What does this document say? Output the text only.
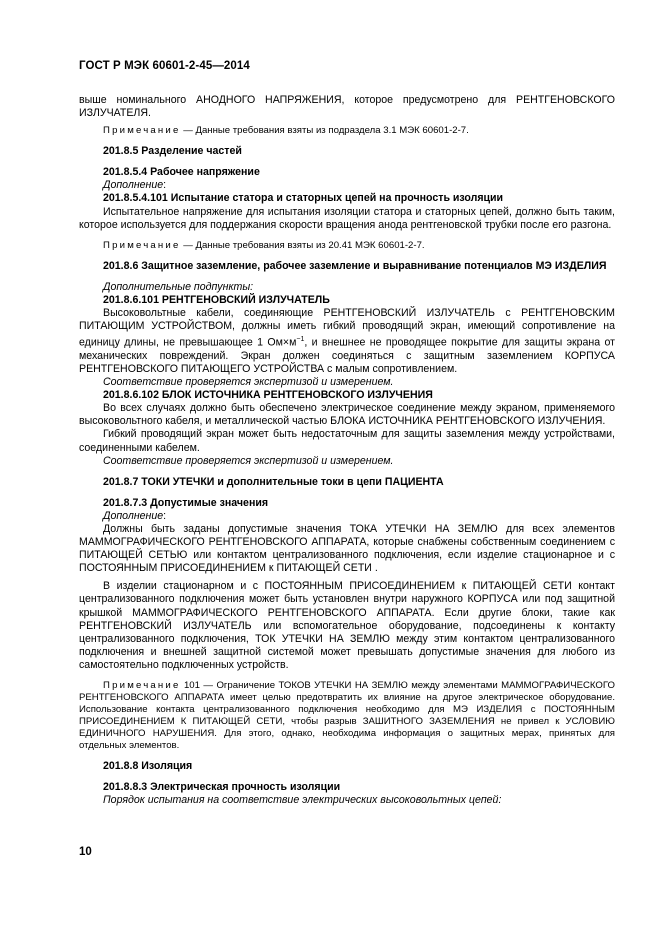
ГОСТ Р МЭК 60601-2-45—2014

выше номинального АНОДНОГО НАПРЯЖЕНИЯ, которое предусмотрено для РЕНТГЕНОВСКОГО ИЗЛУЧАТЕЛЯ.

Примечание — Данные требования взяты из подраздела 3.1 МЭК 60601-2-7.

201.8.5 Разделение частей

201.8.5.4 Рабочее напряжение

Дополнение:

201.8.5.4.101 Испытание статора и статорных цепей на прочность изоляции

Испытательное напряжение для испытания изоляции статора и статорных цепей, должно быть таким, которое используется для поддержания скорости вращения анода рентгеновской трубки после его разгона.

Примечание — Данные требования взяты из 20.41 МЭК 60601-2-7.

201.8.6 Защитное заземление, рабочее заземление и выравнивание потенциалов МЭ ИЗДЕЛИЯ

Дополнительные подпункты:

201.8.6.101 РЕНТГЕНОВСКИЙ ИЗЛУЧАТЕЛЬ

Высоковольтные кабели, соединяющие РЕНТГЕНОВСКИЙ ИЗЛУЧАТЕЛЬ с РЕНТГЕНОВСКИМ ПИТАЮЩИМ УСТРОЙСТВОМ, должны иметь гибкий проводящий экран, имеющий сопротивление на единицу длины, не превышающее 1 $Ом\times м^{-1}$, и внешнее не проводящее покрытие для защиты экрана от механических повреждений. Экран должен соединяться с защитным заземлением КОРПУСА РЕНТГЕНОВСКОГО ПИТАЮЩЕГО УСТРОЙСТВА с малым сопротивлением.

Соответствие проверяется экспертизой и измерением.

201.8.6.102 БЛОК ИСТОЧНИКА РЕНТГЕНОВСКОГО ИЗЛУЧЕНИЯ

Во всех случаях должно быть обеспечено электрическое соединение между экраном, применяемого высоковольтного кабеля, и металлической частью БЛОКА ИСТОЧНИКА РЕНТГЕНОВСКОГО ИЗЛУЧЕНИЯ.

Гибкий проводящий экран может быть недостаточным для защиты заземления между устройствами, соединенными кабелем.

Соответствие проверяется экспертизой и измерением.

201.8.7 ТОКИ УТЕЧКИ и дополнительные токи в цепи ПАЦИЕНТА

201.8.7.3 Допустимые значения

Дополнение:

Должны быть заданы допустимые значения ТОКА УТЕЧКИ НА ЗЕМЛЮ для всех элементов МАММОГРАФИЧЕСКОГО РЕНТГЕНОВСКОГО АППАРАТА, которые снабжены собственным соединением с ПИТАЮЩЕЙ СЕТЬЮ или контактом централизованного подключения, если изделие стационарное и с ПОСТОЯННЫМ ПРИСОЕДИНЕНИЕМ к ПИТАЮЩЕЙ СЕТИ .

В изделии стационарном и с ПОСТОЯННЫМ ПРИСОЕДИНЕНИЕМ к ПИТАЮЩЕЙ СЕТИ контакт централизованного подключения может быть установлен внутри наружного КОРПУСА или под защитной крышкой МАММОГРАФИЧЕСКОГО РЕНТГЕНОВСКОГО АППАРАТА. Если другие блоки, такие как РЕНТГЕНОВСКИЙ ИЗЛУЧАТЕЛЬ или вспомогательное оборудование, подсоединены к контакту централизованного подключения, ТОК УТЕЧКИ НА ЗЕМЛЮ между этим контактом централизованного подключения и внешней защитной системой может превышать допустимые значения для любого из самостоятельно подключенных устройств.

Примечание 101 — Ограничение ТОКОВ УТЕЧКИ НА ЗЕМЛЮ между элементами МАММОГРАФИЧЕСКОГО РЕНТГЕНОВСКОГО АППАРАТА имеет целью предотвратить их влияние на другое электрическое оборудование. Использование контакта централизованного подключения необходимо для МЭ ИЗДЕЛИЯ с ПОСТОЯННЫМ ПРИСОЕДИНЕНИЕМ К ПИТАЮЩЕЙ СЕТИ, чтобы разрыв ЗАШИТНОГО ЗАЗЕМЛЕНИЯ не привел к УСЛОВИЮ ЕДИНИЧНОГО НАРУШЕНИЯ. Для этого, однако, необходима информация о защитных мерах, принятых для отдельных элементов.

201.8.8 Изоляция

201.8.8.3 Электрическая прочность изоляции

Порядок испытания на соответствие электрических высоковольтных цепей:

10
